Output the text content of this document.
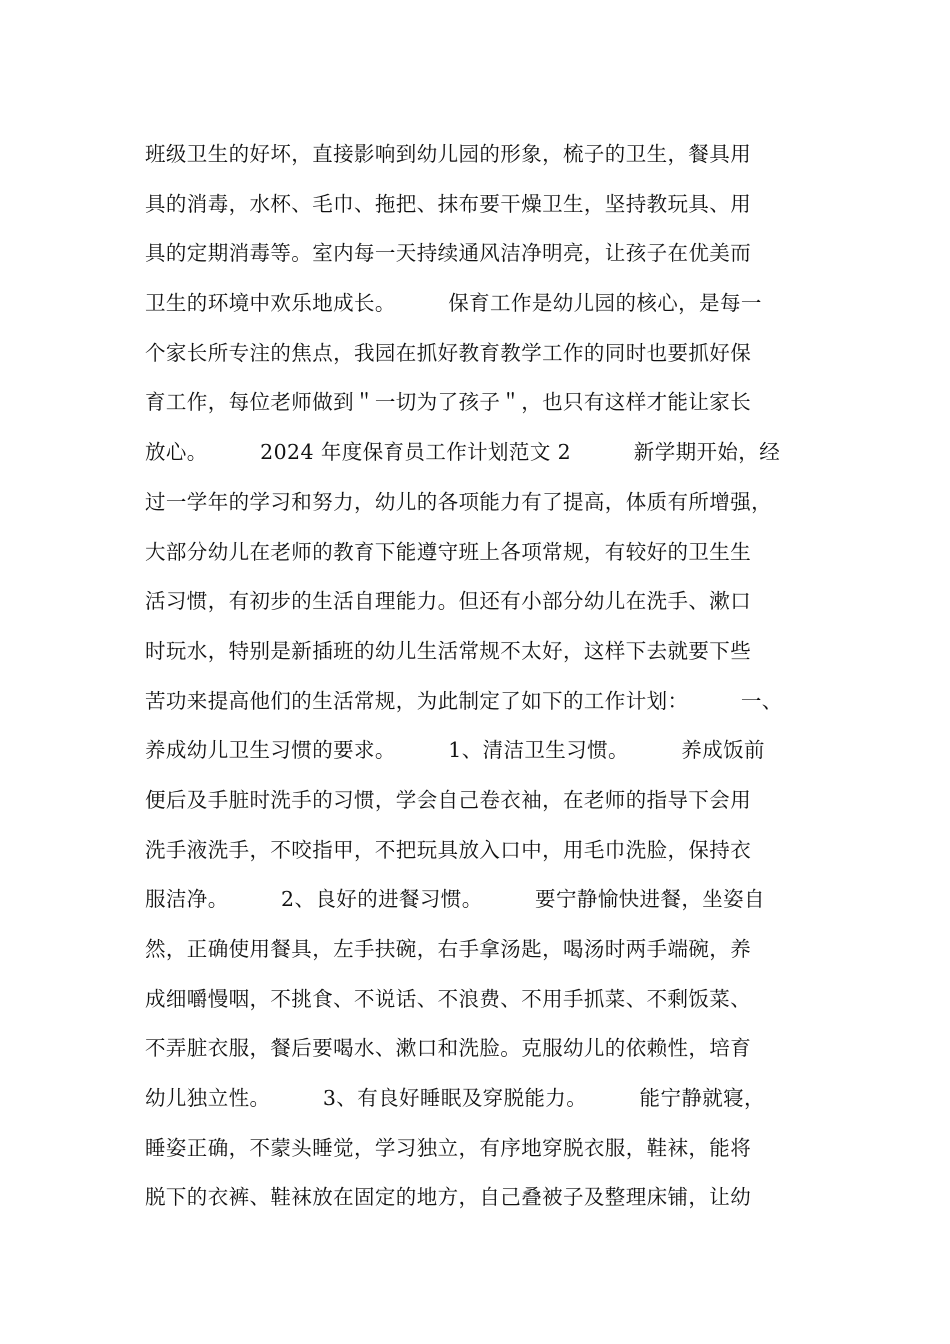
班级卫生的好坏，直接影响到幼儿园的形象，梳子的卫生，餐具用
具的消毒，水杯、毛巾、拖把、抹布要干燥卫生，坚持教玩具、用
具的定期消毒等。室内每一天持续通风洁净明亮，让孩子在优美而
卫生的环境中欢乐地成长。　　　保育工作是幼儿园的核心，是每一
个家长所专注的焦点，我园在抓好教育教学工作的同时也要抓好保
育工作，每位老师做到＂一切为了孩子＂，也只有这样才能让家长
放心。　　　2024 年度保育员工作计划范文 2　　　新学期开始，经
过一学年的学习和努力，幼儿的各项能力有了提高，体质有所增强，
大部分幼儿在老师的教育下能遵守班上各项常规，有较好的卫生生
活习惯，有初步的生活自理能力。但还有小部分幼儿在洗手、漱口
时玩水，特别是新插班的幼儿生活常规不太好，这样下去就要下些
苦功来提高他们的生活常规，为此制定了如下的工作计划：　　　一、
养成幼儿卫生习惯的要求。　　　1、清洁卫生习惯。　　　养成饭前
便后及手脏时洗手的习惯，学会自己卷衣袖，在老师的指导下会用
洗手液洗手，不咬指甲，不把玩具放入口中，用毛巾洗脸，保持衣
服洁净。　　　2、良好的进餐习惯。　　　要宁静愉快进餐，坐姿自
然，正确使用餐具，左手扶碗，右手拿汤匙，喝汤时两手端碗，养
成细嚼慢咽，不挑食、不说话、不浪费、不用手抓菜、不剩饭菜、
不弄脏衣服，餐后要喝水、漱口和洗脸。克服幼儿的依赖性，培育
幼儿独立性。　　　3、有良好睡眠及穿脱能力。　　　能宁静就寝，
睡姿正确，不蒙头睡觉，学习独立，有序地穿脱衣服，鞋袜，能将
脱下的衣裤、鞋袜放在固定的地方，自己叠被子及整理床铺，让幼
